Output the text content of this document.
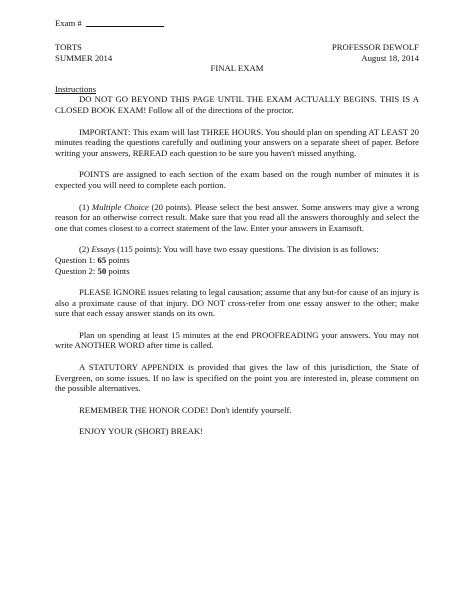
Exam #
TORTS	PROFESSOR DEWOLF
SUMMER 2014	August 18, 2014
FINAL EXAM
Instructions

DO NOT GO BEYOND THIS PAGE UNTIL THE EXAM ACTUALLY BEGINS. THIS IS A CLOSED BOOK EXAM! Follow all of the directions of the proctor.

IMPORTANT: This exam will last THREE HOURS. You should plan on spending AT LEAST 20 minutes reading the questions carefully and outlining your answers on a separate sheet of paper. Before writing your answers, REREAD each question to be sure you haven't missed anything.

POINTS are assigned to each section of the exam based on the rough number of minutes it is expected you will need to complete each portion.

(1) Multiple Choice (20 points). Please select the best answer. Some answers may give a wrong reason for an otherwise correct result. Make sure that you read all the answers thoroughly and select the one that comes closest to a correct statement of the law. Enter your answers in Examsoft.

(2) Essays (115 points): You will have two essay questions. The division is as follows:
Question 1: 65 points
Question 2: 50 points

PLEASE IGNORE issues relating to legal causation; assume that any but-for cause of an injury is also a proximate cause of that injury. DO NOT cross-refer from one essay answer to the other; make sure that each essay answer stands on its own.

Plan on spending at least 15 minutes at the end PROOFREADING your answers. You may not write ANOTHER WORD after time is called.

A STATUTORY APPENDIX is provided that gives the law of this jurisdiction, the State of Evergreen, on some issues. If no law is specified on the point you are interested in, please comment on the possible alternatives.

REMEMBER THE HONOR CODE! Don't identify yourself.

ENJOY YOUR (SHORT) BREAK!
